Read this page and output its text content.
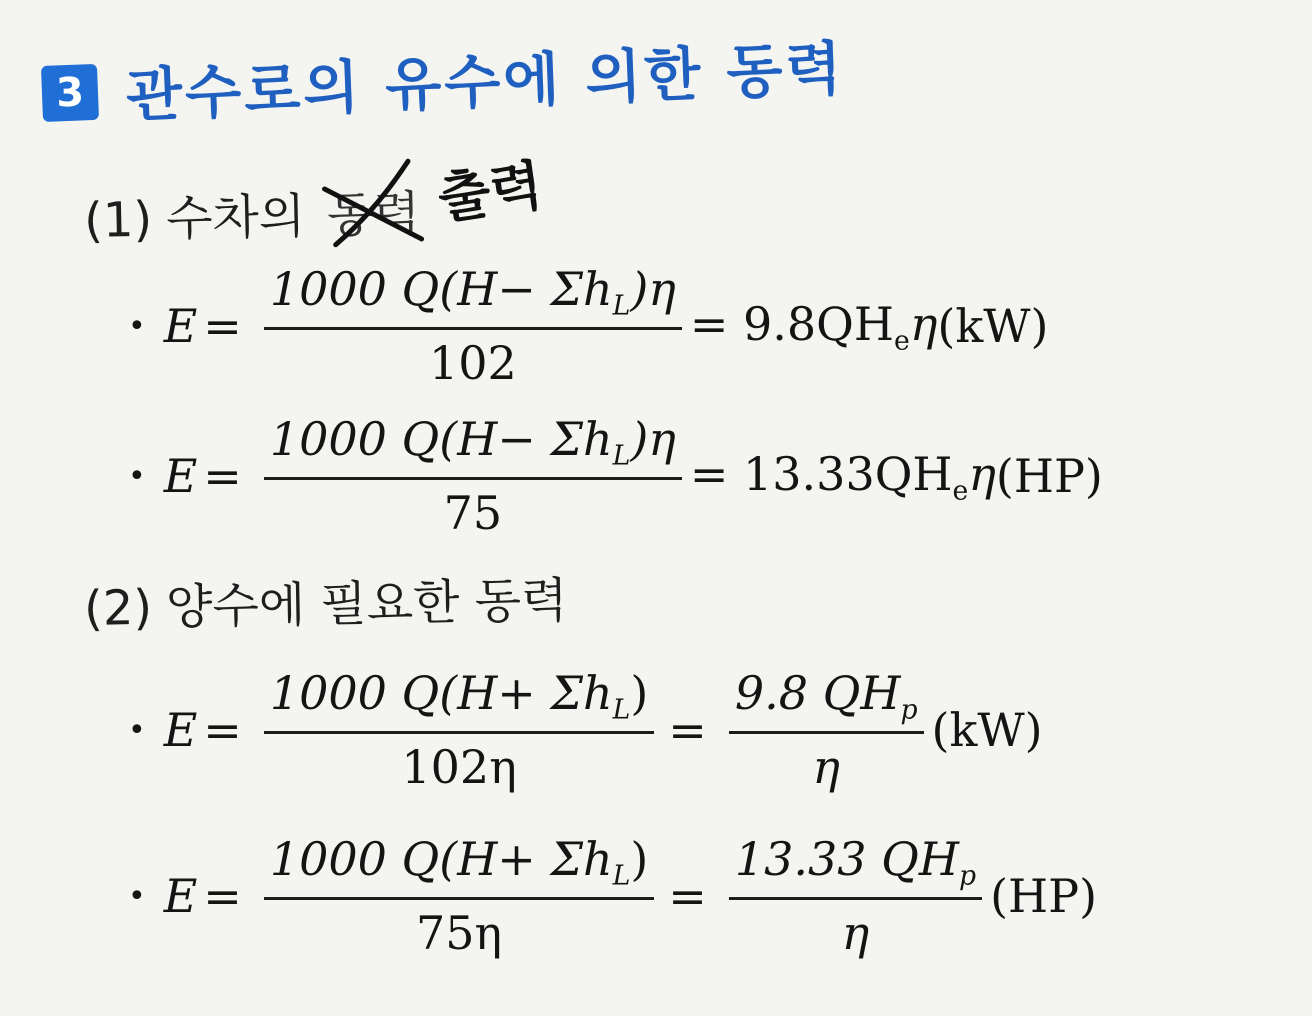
3 관수로의 유수에 의한 동력
(1) 수차의 동력 출력
• $E = \frac{1000 Q(H- \Sigma h_L)\eta}{102} = 9.8QH_e\eta$ (kW)
• $E = \frac{1000 Q(H- \Sigma h_L)\eta}{75} = 13.33QH_e\eta$ (HP)
(2) 양수에 필요한 동력
• $E = \frac{1000 Q(H+ \Sigma h_L)}{102\eta} = \frac{9.8 QH_p}{\eta} (kW)$
• $E = \frac{1000 Q(H+ \Sigma h_L)}{75\eta} = \frac{13.33 QH_p}{\eta} (HP)$
